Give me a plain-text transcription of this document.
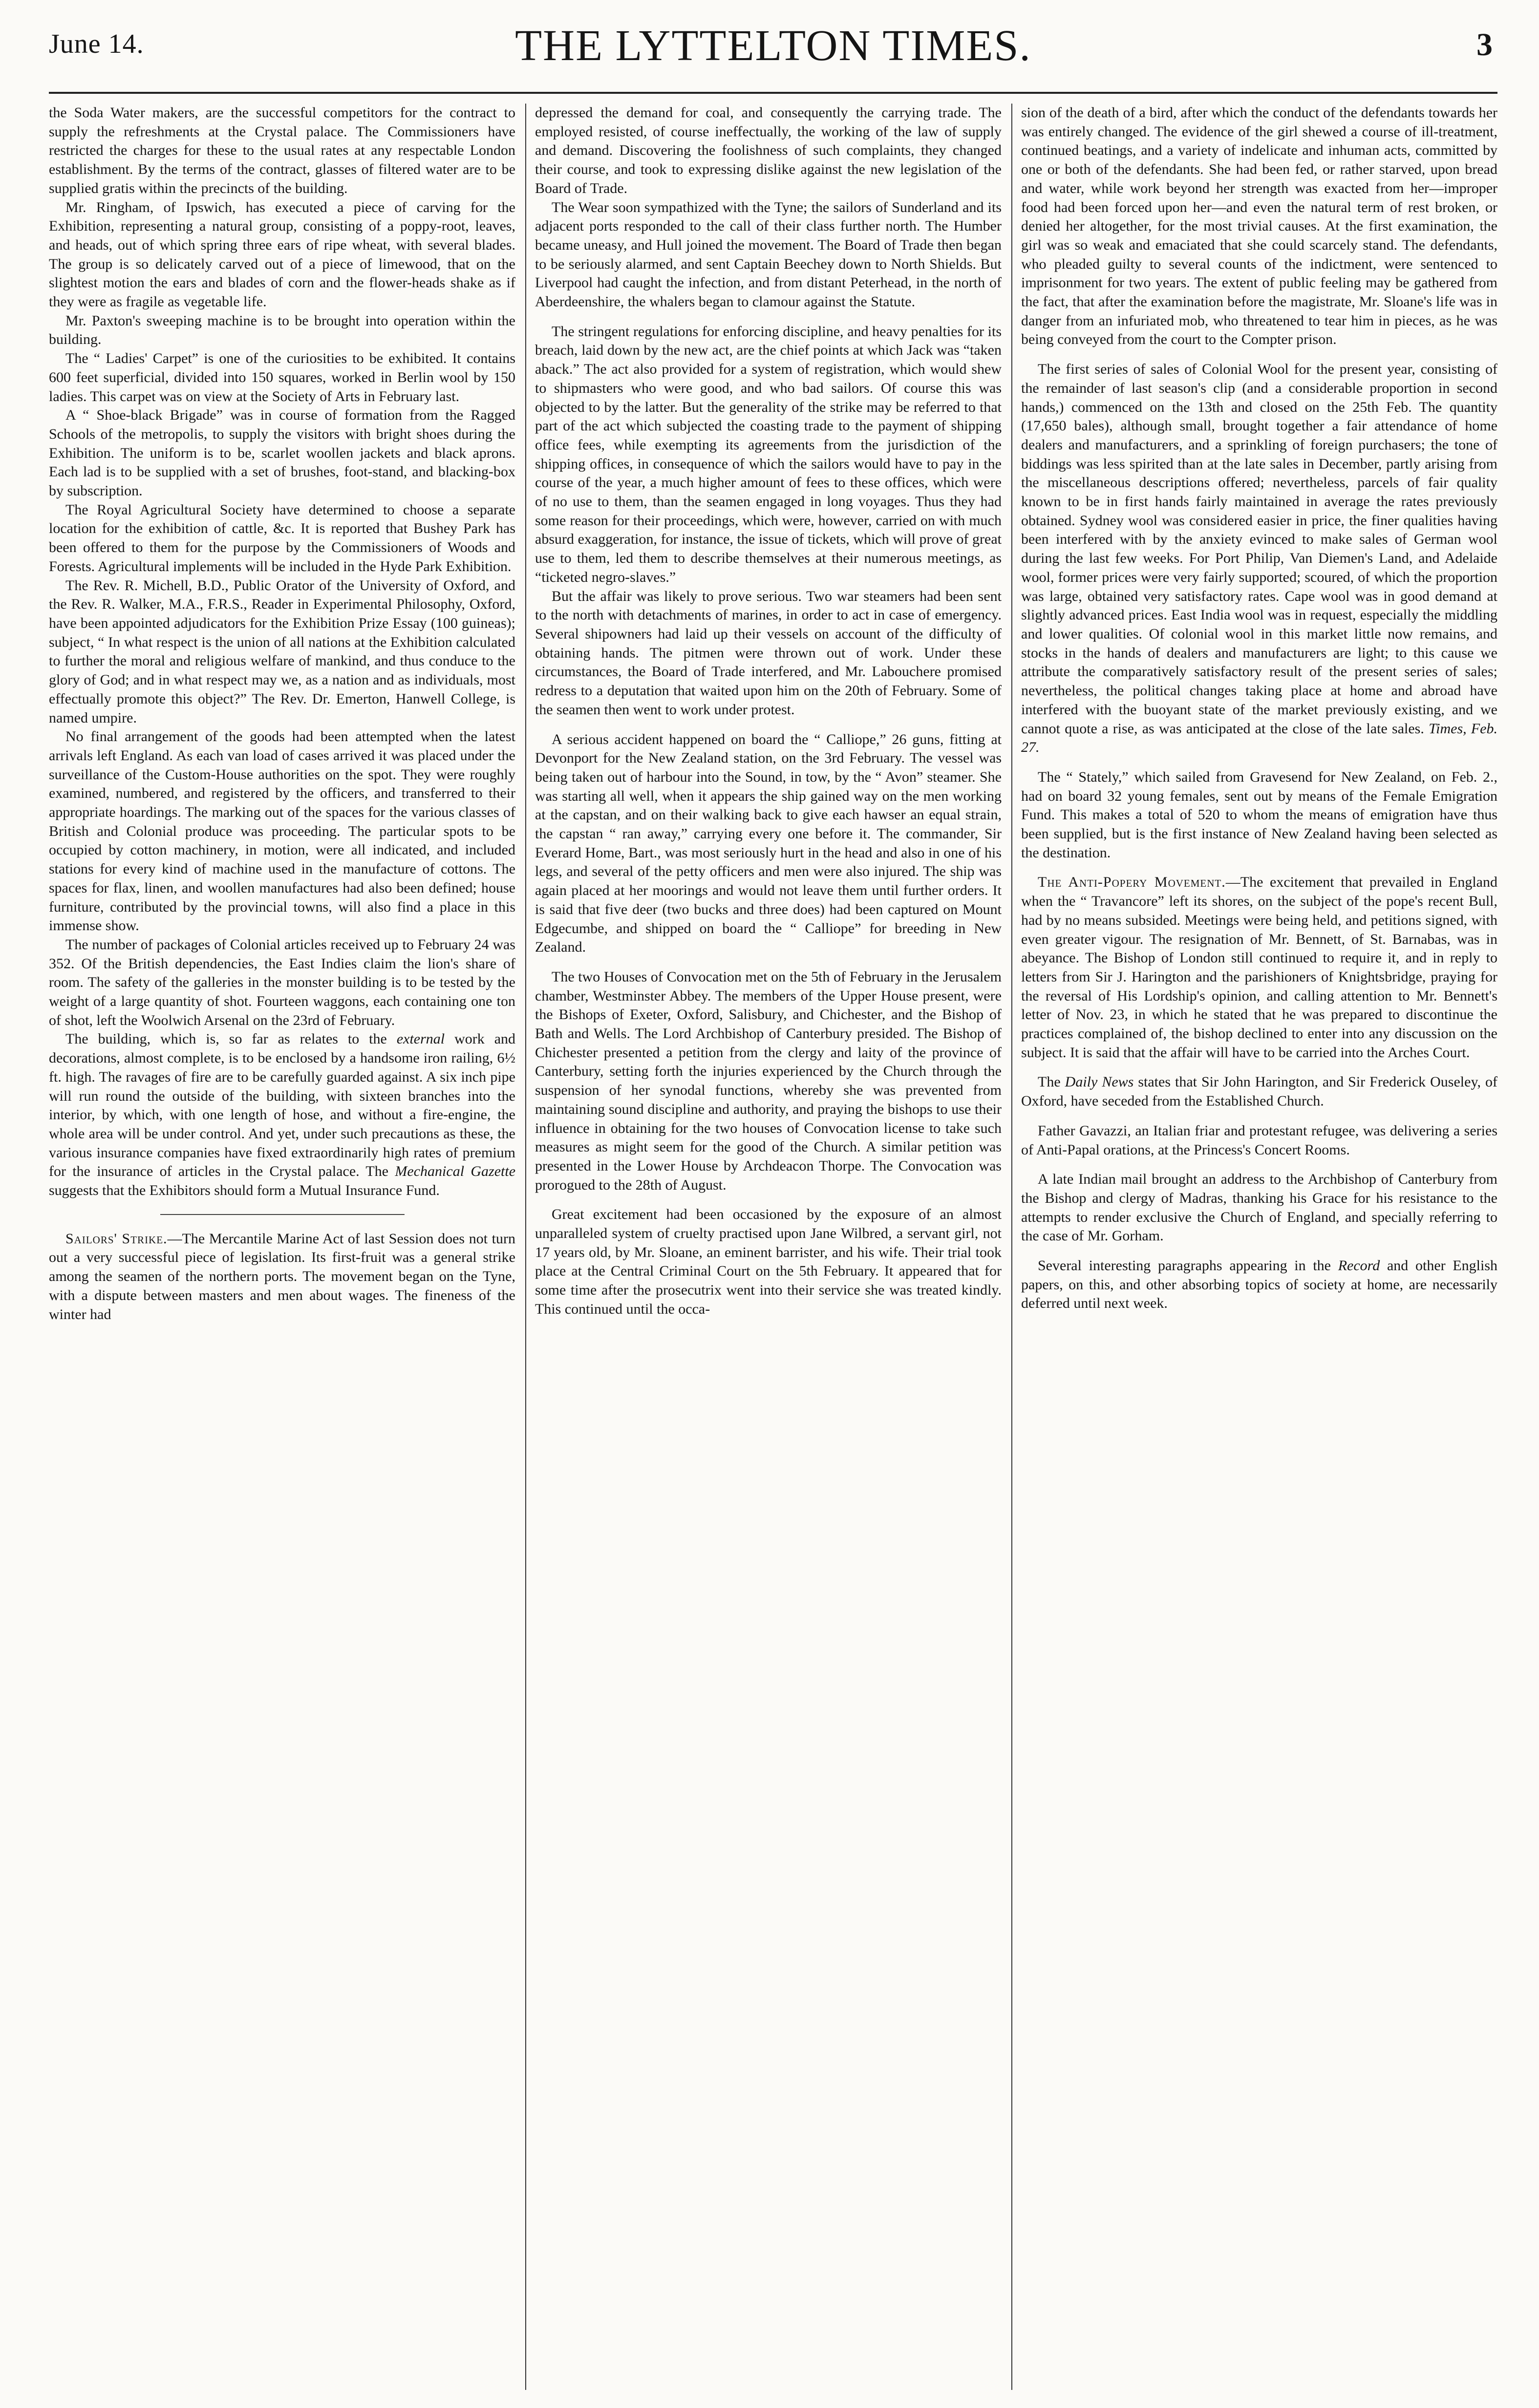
June 14.	THE LYTTELTON TIMES.	3

the Soda Water makers, are the successful competitors for the contract to supply the refreshments at the Crystal palace. The Commissioners have restricted the charges for these to the usual rates at any respectable London establishment. By the terms of the contract, glasses of filtered water are to be supplied gratis within the precincts of the building.

Mr. Ringham, of Ipswich, has executed a piece of carving for the Exhibition, representing a natural group, consisting of a poppy-root, leaves, and heads, out of which spring three ears of ripe wheat, with several blades. The group is so delicately carved out of a piece of limewood, that on the slightest motion the ears and blades of corn and the flower-heads shake as if they were as fragile as vegetable life.

Mr. Paxton's sweeping machine is to be brought into operation within the building.

The “ Ladies' Carpet” is one of the curiosities to be exhibited. It contains 600 feet superficial, divided into 150 squares, worked in Berlin wool by 150 ladies. This carpet was on view at the Society of Arts in February last.

A “ Shoe-black Brigade” was in course of formation from the Ragged Schools of the metropolis, to supply the visitors with bright shoes during the Exhibition. The uniform is to be, scarlet woollen jackets and black aprons. Each lad is to be supplied with a set of brushes, foot-stand, and blacking-box by subscription.

The Royal Agricultural Society have determined to choose a separate location for the exhibition of cattle, &c. It is reported that Bushey Park has been offered to them for the purpose by the Commissioners of Woods and Forests. Agricultural implements will be included in the Hyde Park Exhibition.

The Rev. R. Michell, B.D., Public Orator of the University of Oxford, and the Rev. R. Walker, M.A., F.R.S., Reader in Experimental Philosophy, Oxford, have been appointed adjudicators for the Exhibition Prize Essay (100 guineas); subject, “ In what respect is the union of all nations at the Exhibition calculated to further the moral and religious welfare of mankind, and thus conduce to the glory of God; and in what respect may we, as a nation and as individuals, most effectually promote this object?” The Rev. Dr. Emerton, Hanwell College, is named umpire.

No final arrangement of the goods had been attempted when the latest arrivals left England. As each van load of cases arrived it was placed under the surveillance of the Custom-House authorities on the spot. They were roughly examined, numbered, and registered by the officers, and transferred to their appropriate hoardings. The marking out of the spaces for the various classes of British and Colonial produce was proceeding. The particular spots to be occupied by cotton machinery, in motion, were all indicated, and included stations for every kind of machine used in the manufacture of cottons. The spaces for flax, linen, and woollen manufactures had also been defined; house furniture, contributed by the provincial towns, will also find a place in this immense show.

The number of packages of Colonial articles received up to February 24 was 352. Of the British dependencies, the East Indies claim the lion's share of room. The safety of the galleries in the monster building is to be tested by the weight of a large quantity of shot. Fourteen waggons, each containing one ton of shot, left the Woolwich Arsenal on the 23rd of February.

The building, which is, so far as relates to the external work and decorations, almost complete, is to be enclosed by a handsome iron railing, 6½ ft. high. The ravages of fire are to be carefully guarded against. A six inch pipe will run round the outside of the building, with sixteen branches into the interior, by which, with one length of hose, and without a fire-engine, the whole area will be under control. And yet, under such precautions as these, the various insurance companies have fixed extraordinarily high rates of premium for the insurance of articles in the Crystal palace. The Mechanical Gazette suggests that the Exhibitors should form a Mutual Insurance Fund.

Sailors' Strike.—The Mercantile Marine Act of last Session does not turn out a very successful piece of legislation. Its first-fruit was a general strike among the seamen of the northern ports. The movement began on the Tyne, with a dispute between masters and men about wages. The fineness of the winter had

depressed the demand for coal, and consequently the carrying trade. The employed resisted, of course ineffectually, the working of the law of supply and demand. Discovering the foolishness of such complaints, they changed their course, and took to expressing dislike against the new legislation of the Board of Trade.

The Wear soon sympathized with the Tyne; the sailors of Sunderland and its adjacent ports responded to the call of their class further north. The Humber became uneasy, and Hull joined the movement. The Board of Trade then began to be seriously alarmed, and sent Captain Beechey down to North Shields. But Liverpool had caught the infection, and from distant Peterhead, in the north of Aberdeenshire, the whalers began to clamour against the Statute.

The stringent regulations for enforcing discipline, and heavy penalties for its breach, laid down by the new act, are the chief points at which Jack was “taken aback.” The act also provided for a system of registration, which would shew to shipmasters who were good, and who bad sailors. Of course this was objected to by the latter. But the generality of the strike may be referred to that part of the act which subjected the coasting trade to the payment of shipping office fees, while exempting its agreements from the jurisdiction of the shipping offices, in consequence of which the sailors would have to pay in the course of the year, a much higher amount of fees to these offices, which were of no use to them, than the seamen engaged in long voyages. Thus they had some reason for their proceedings, which were, however, carried on with much absurd exaggeration, for instance, the issue of tickets, which will prove of great use to them, led them to describe themselves at their numerous meetings, as “ticketed negro-slaves.”

But the affair was likely to prove serious. Two war steamers had been sent to the north with detachments of marines, in order to act in case of emergency. Several shipowners had laid up their vessels on account of the difficulty of obtaining hands. The pitmen were thrown out of work. Under these circumstances, the Board of Trade interfered, and Mr. Labouchere promised redress to a deputation that waited upon him on the 20th of February. Some of the seamen then went to work under protest.

A serious accident happened on board the “ Calliope,” 26 guns, fitting at Devonport for the New Zealand station, on the 3rd February. The vessel was being taken out of harbour into the Sound, in tow, by the “ Avon” steamer. She was starting all well, when it appears the ship gained way on the men working at the capstan, and on their walking back to give each hawser an equal strain, the capstan “ ran away,” carrying every one before it. The commander, Sir Everard Home, Bart., was most seriously hurt in the head and also in one of his legs, and several of the petty officers and men were also injured. The ship was again placed at her moorings and would not leave them until further orders. It is said that five deer (two bucks and three does) had been captured on Mount Edgecumbe, and shipped on board the “ Calliope” for breeding in New Zealand.

The two Houses of Convocation met on the 5th of February in the Jerusalem chamber, Westminster Abbey. The members of the Upper House present, were the Bishops of Exeter, Oxford, Salisbury, and Chichester, and the Bishop of Bath and Wells. The Lord Archbishop of Canterbury presided. The Bishop of Chichester presented a petition from the clergy and laity of the province of Canterbury, setting forth the injuries experienced by the Church through the suspension of her synodal functions, whereby she was prevented from maintaining sound discipline and authority, and praying the bishops to use their influence in obtaining for the two houses of Convocation license to take such measures as might seem for the good of the Church. A similar petition was presented in the Lower House by Archdeacon Thorpe. The Convocation was prorogued to the 28th of August.

Great excitement had been occasioned by the exposure of an almost unparalleled system of cruelty practised upon Jane Wilbred, a servant girl, not 17 years old, by Mr. Sloane, an eminent barrister, and his wife. Their trial took place at the Central Criminal Court on the 5th February. It appeared that for some time after the prosecutrix went into their service she was treated kindly. This continued until the occa-

sion of the death of a bird, after which the conduct of the defendants towards her was entirely changed. The evidence of the girl shewed a course of ill-treatment, continued beatings, and a variety of indelicate and inhuman acts, committed by one or both of the defendants. She had been fed, or rather starved, upon bread and water, while work beyond her strength was exacted from her—improper food had been forced upon her—and even the natural term of rest broken, or denied her altogether, for the most trivial causes. At the first examination, the girl was so weak and emaciated that she could scarcely stand. The defendants, who pleaded guilty to several counts of the indictment, were sentenced to imprisonment for two years. The extent of public feeling may be gathered from the fact, that after the examination before the magistrate, Mr. Sloane's life was in danger from an infuriated mob, who threatened to tear him in pieces, as he was being conveyed from the court to the Compter prison.

The first series of sales of Colonial Wool for the present year, consisting of the remainder of last season's clip (and a considerable proportion in second hands,) commenced on the 13th and closed on the 25th Feb. The quantity (17,650 bales), although small, brought together a fair attendance of home dealers and manufacturers, and a sprinkling of foreign purchasers; the tone of biddings was less spirited than at the late sales in December, partly arising from the miscellaneous descriptions offered; nevertheless, parcels of fair quality known to be in first hands fairly maintained in average the rates previously obtained. Sydney wool was considered easier in price, the finer qualities having been interfered with by the anxiety evinced to make sales of German wool during the last few weeks. For Port Philip, Van Diemen's Land, and Adelaide wool, former prices were very fairly supported; scoured, of which the proportion was large, obtained very satisfactory rates. Cape wool was in good demand at slightly advanced prices. East India wool was in request, especially the middling and lower qualities. Of colonial wool in this market little now remains, and stocks in the hands of dealers and manufacturers are light; to this cause we attribute the comparatively satisfactory result of the present series of sales; nevertheless, the political changes taking place at home and abroad have interfered with the buoyant state of the market previously existing, and we cannot quote a rise, as was anticipated at the close of the late sales. Times, Feb. 27.

The “ Stately,” which sailed from Gravesend for New Zealand, on Feb. 2., had on board 32 young females, sent out by means of the Female Emigration Fund. This makes a total of 520 to whom the means of emigration have thus been supplied, but is the first instance of New Zealand having been selected as the destination.

The Anti-Popery Movement.—The excitement that prevailed in England when the “ Travancore” left its shores, on the subject of the pope's recent Bull, had by no means subsided. Meetings were being held, and petitions signed, with even greater vigour. The resignation of Mr. Bennett, of St. Barnabas, was in abeyance. The Bishop of London still continued to require it, and in reply to letters from Sir J. Harington and the parishioners of Knightsbridge, praying for the reversal of His Lordship's opinion, and calling attention to Mr. Bennett's letter of Nov. 23, in which he stated that he was prepared to discontinue the practices complained of, the bishop declined to enter into any discussion on the subject. It is said that the affair will have to be carried into the Arches Court.

The Daily News states that Sir John Harington, and Sir Frederick Ouseley, of Oxford, have seceded from the Established Church.

Father Gavazzi, an Italian friar and protestant refugee, was delivering a series of Anti-Papal orations, at the Princess's Concert Rooms.

A late Indian mail brought an address to the Archbishop of Canterbury from the Bishop and clergy of Madras, thanking his Grace for his resistance to the attempts to render exclusive the Church of England, and specially referring to the case of Mr. Gorham.

Several interesting paragraphs appearing in the Record and other English papers, on this, and other absorbing topics of society at home, are necessarily deferred until next week.
